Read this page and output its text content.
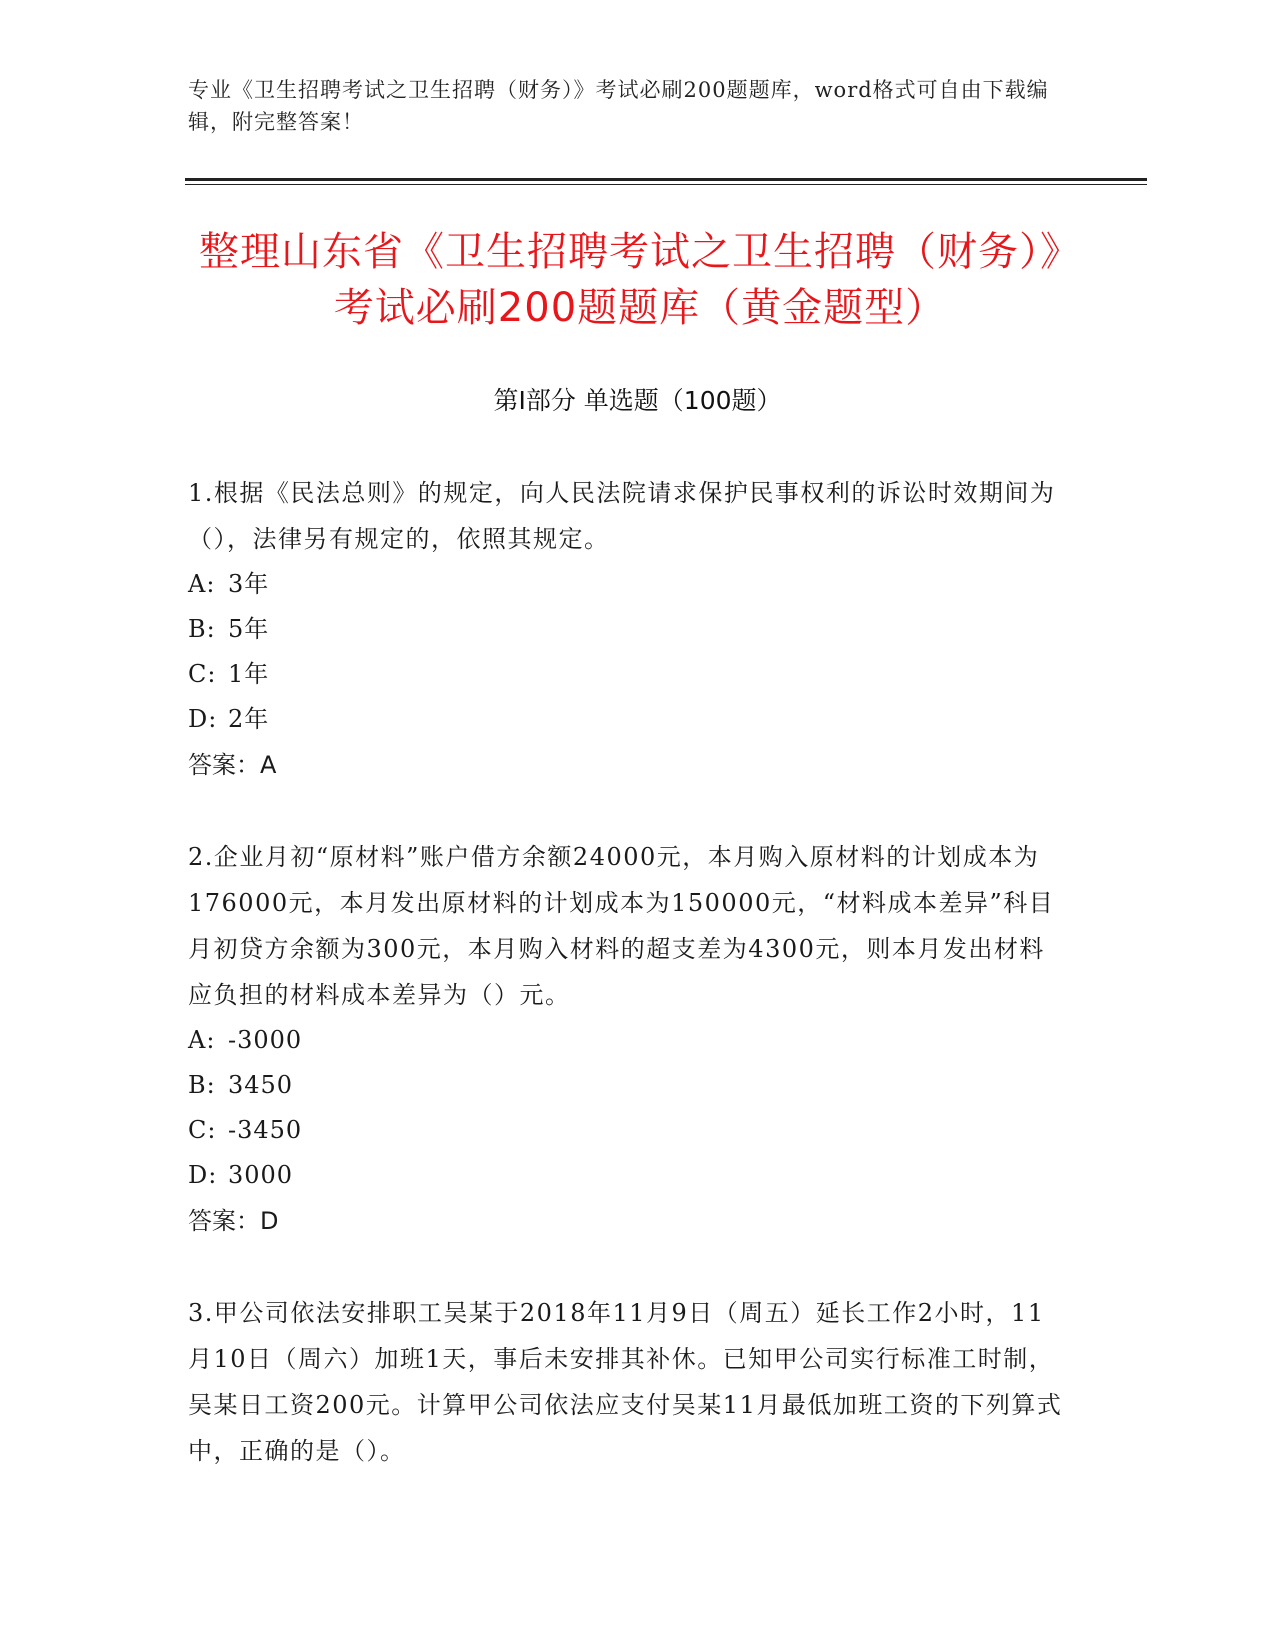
专业《卫生招聘考试之卫生招聘（财务）》考试必刷200题题库，word格式可自由下载编辑，附完整答案！
整理山东省《卫生招聘考试之卫生招聘（财务）》考试必刷200题题库（黄金题型）
第Ⅰ部分 单选题（100题）

1.根据《民法总则》的规定，向人民法院请求保护民事权利的诉讼时效期间为（），法律另有规定的，依照其规定。

A: 3年

B: 5年

C: 1年

D: 2年

答案：A

2.企业月初“原材料”账户借方余额24000元，本月购入原材料的计划成本为176000元，本月发出原材料的计划成本为150000元，“材料成本差异”科目月初贷方余额为300元，本月购入材料的超支差为4300元，则本月发出材料应负担的材料成本差异为（）元。

A: -3000

B: 3450

C: -3450

D: 3000

答案：D

3.甲公司依法安排职工吴某于2018年11月9日（周五）延长工作2小时，11月10日（周六）加班1天，事后未安排其补休。已知甲公司实行标准工时制，吴某日工资200元。计算甲公司依法应支付吴某11月最低加班工资的下列算式中，正确的是（）。
